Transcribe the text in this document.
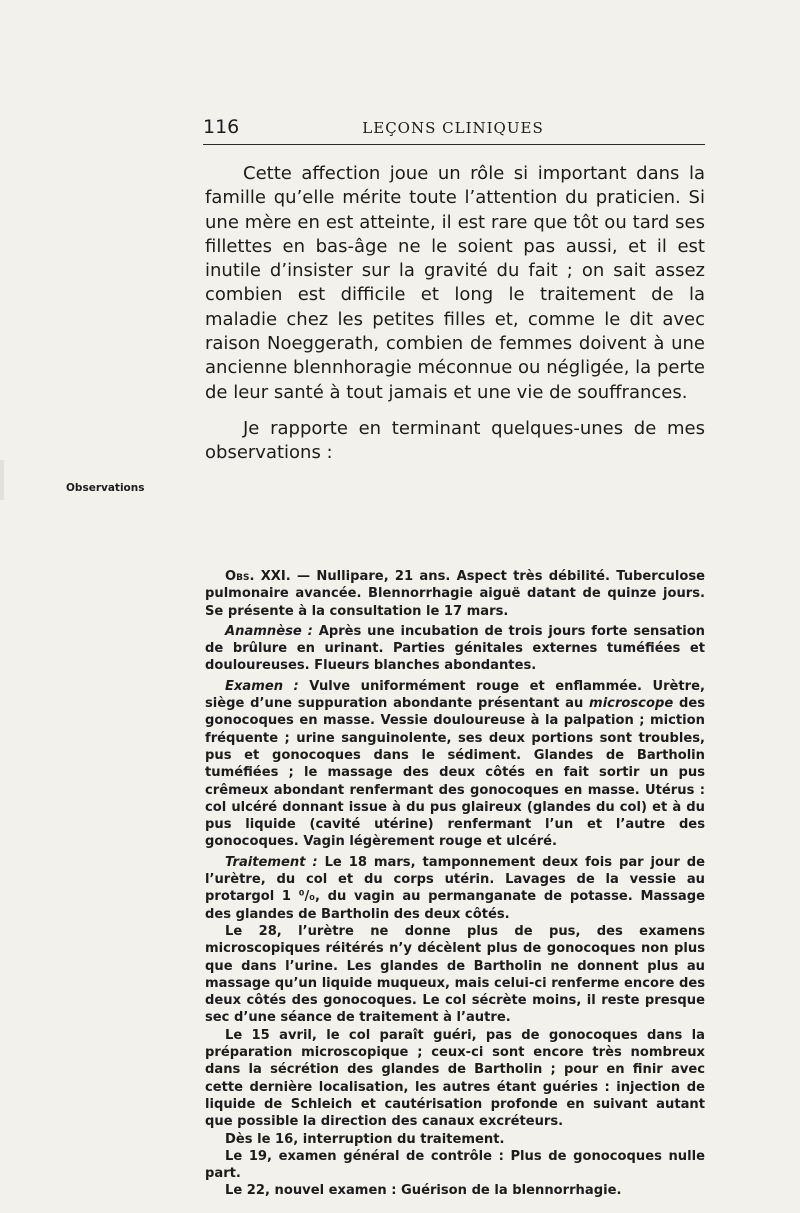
116	LEÇONS CLINIQUES

Cette affection joue un rôle si important dans la famille qu’elle mérite toute l’attention du praticien. Si une mère en est atteinte, il est rare que tôt ou tard ses fillettes en bas-âge ne le soient pas aussi, et il est inutile d’insister sur la gravité du fait ; on sait assez combien est difficile et long le traitement de la maladie chez les petites filles et, comme le dit avec raison Noeggerath, combien de femmes doivent à une ancienne blennhoragie méconnue ou négligée, la perte de leur santé à tout jamais et une vie de souffrances.

Je rapporte en terminant quelques-unes de mes observations :

Observations

Obs. XXI. — Nullipare, 21 ans. Aspect très débilité. Tuberculose pulmonaire avancée. Blennorrhagie aiguë datant de quinze jours. Se présente à la consultation le 17 mars.

Anamnèse : Après une incubation de trois jours forte sensation de brûlure en urinant. Parties génitales externes tuméfiées et douloureuses. Flueurs blanches abondantes.

Examen : Vulve uniformément rouge et enflammée. Urètre, siège d’une suppuration abondante présentant au microscope des gonocoques en masse. Vessie douloureuse à la palpation ; miction fréquente ; urine sanguinolente, ses deux portions sont troubles, pus et gonocoques dans le sédiment. Glandes de Bartholin tuméfiées ; le massage des deux côtés en fait sortir un pus crêmeux abondant renfermant des gonocoques en masse. Utérus : col ulcéré donnant issue à du pus glaireux (glandes du col) et à du pus liquide (cavité utérine) renfermant l’un et l’autre des gonocoques. Vagin légèrement rouge et ulcéré.

Traitement : Le 18 mars, tamponnement deux fois par jour de l’urètre, du col et du corps utérin. Lavages de la vessie au protargol 1 ⁰/₀, du vagin au permanganate de potasse. Massage des glandes de Bartholin des deux côtés.

Le 28, l’urètre ne donne plus de pus, des examens microscopiques réitérés n’y décèlent plus de gonocoques non plus que dans l’urine. Les glandes de Bartholin ne donnent plus au massage qu’un liquide muqueux, mais celui-ci renferme encore des deux côtés des gonocoques. Le col sécrète moins, il reste presque sec d’une séance de traitement à l’autre.

Le 15 avril, le col paraît guéri, pas de gonocoques dans la préparation microscopique ; ceux-ci sont encore très nombreux dans la sécrétion des glandes de Bartholin ; pour en finir avec cette dernière localisation, les autres étant guéries : injection de liquide de Schleich et cautérisation profonde en suivant autant que possible la direction des canaux excréteurs.

Dès le 16, interruption du traitement.

Le 19, examen général de contrôle : Plus de gonocoques nulle part.

Le 22, nouvel examen : Guérison de la blennorrhagie.
